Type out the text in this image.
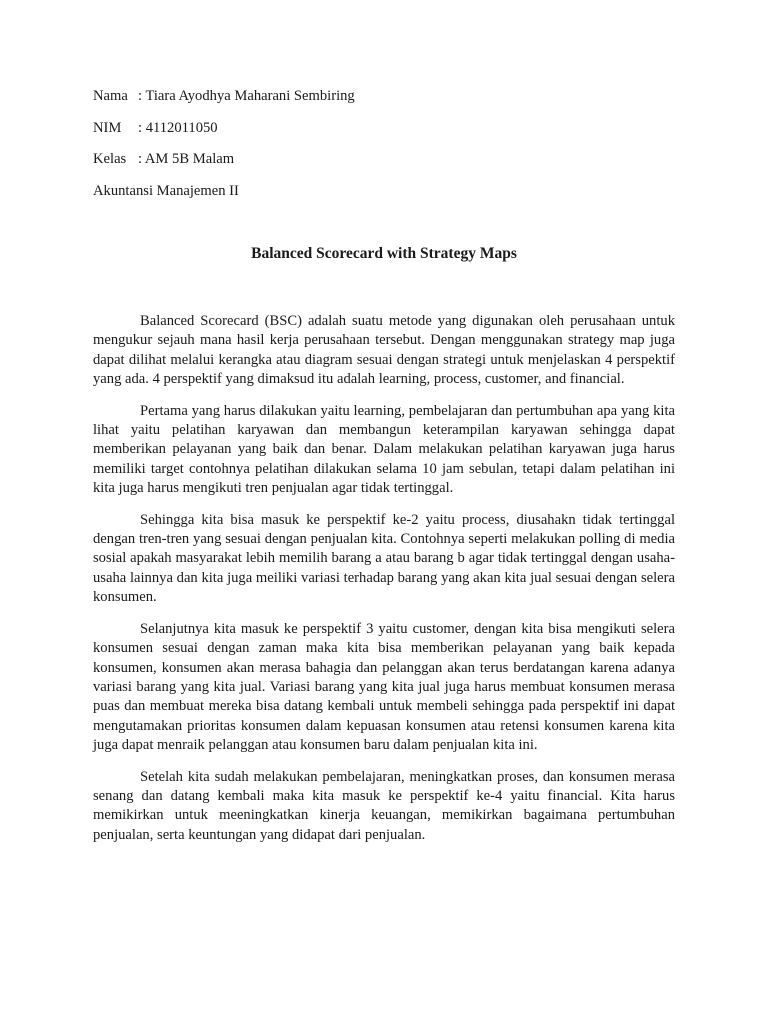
Nama : Tiara Ayodhya Maharani Sembiring
NIM	: 4112011050
Kelas : AM 5B Malam
Akuntansi Manajemen II
Balanced Scorecard with Strategy Maps

Balanced Scorecard (BSC) adalah suatu metode yang digunakan oleh perusahaan untuk mengukur sejauh mana hasil kerja perusahaan tersebut. Dengan menggunakan strategy map juga dapat dilihat melalui kerangka atau diagram sesuai dengan strategi untuk menjelaskan 4 perspektif yang ada. 4 perspektif yang dimaksud itu adalah learning, process, customer, and financial.

Pertama yang harus dilakukan yaitu learning, pembelajaran dan pertumbuhan apa yang kita lihat yaitu pelatihan karyawan dan membangun keterampilan karyawan sehingga dapat memberikan pelayanan yang baik dan benar. Dalam melakukan pelatihan karyawan juga harus memiliki target contohnya pelatihan dilakukan selama 10 jam sebulan, tetapi dalam pelatihan ini kita juga harus mengikuti tren penjualan agar tidak tertinggal.

Sehingga kita bisa masuk ke perspektif ke-2 yaitu process, diusahakn tidak tertinggal dengan tren-tren yang sesuai dengan penjualan kita. Contohnya seperti melakukan polling di media sosial apakah masyarakat lebih memilih barang a atau barang b agar tidak tertinggal dengan usaha-usaha lainnya dan kita juga meiliki variasi terhadap barang yang akan kita jual sesuai dengan selera konsumen.

Selanjutnya kita masuk ke perspektif 3 yaitu customer, dengan kita bisa mengikuti selera konsumen sesuai dengan zaman maka kita bisa memberikan pelayanan yang baik kepada konsumen, konsumen akan merasa bahagia dan pelanggan akan terus berdatangan karena adanya variasi barang yang kita jual. Variasi barang yang kita jual juga harus membuat konsumen merasa puas dan membuat mereka bisa datang kembali untuk membeli sehingga pada perspektif ini dapat mengutamakan prioritas konsumen dalam kepuasan konsumen atau retensi konsumen karena kita juga dapat menraik pelanggan atau konsumen baru dalam penjualan kita ini.

Setelah kita sudah melakukan pembelajaran, meningkatkan proses, dan konsumen merasa senang dan datang kembali maka kita masuk ke perspektif ke-4 yaitu financial. Kita harus memikirkan untuk meeningkatkan kinerja keuangan, memikirkan bagaimana pertumbuhan penjualan, serta keuntungan yang didapat dari penjualan.
